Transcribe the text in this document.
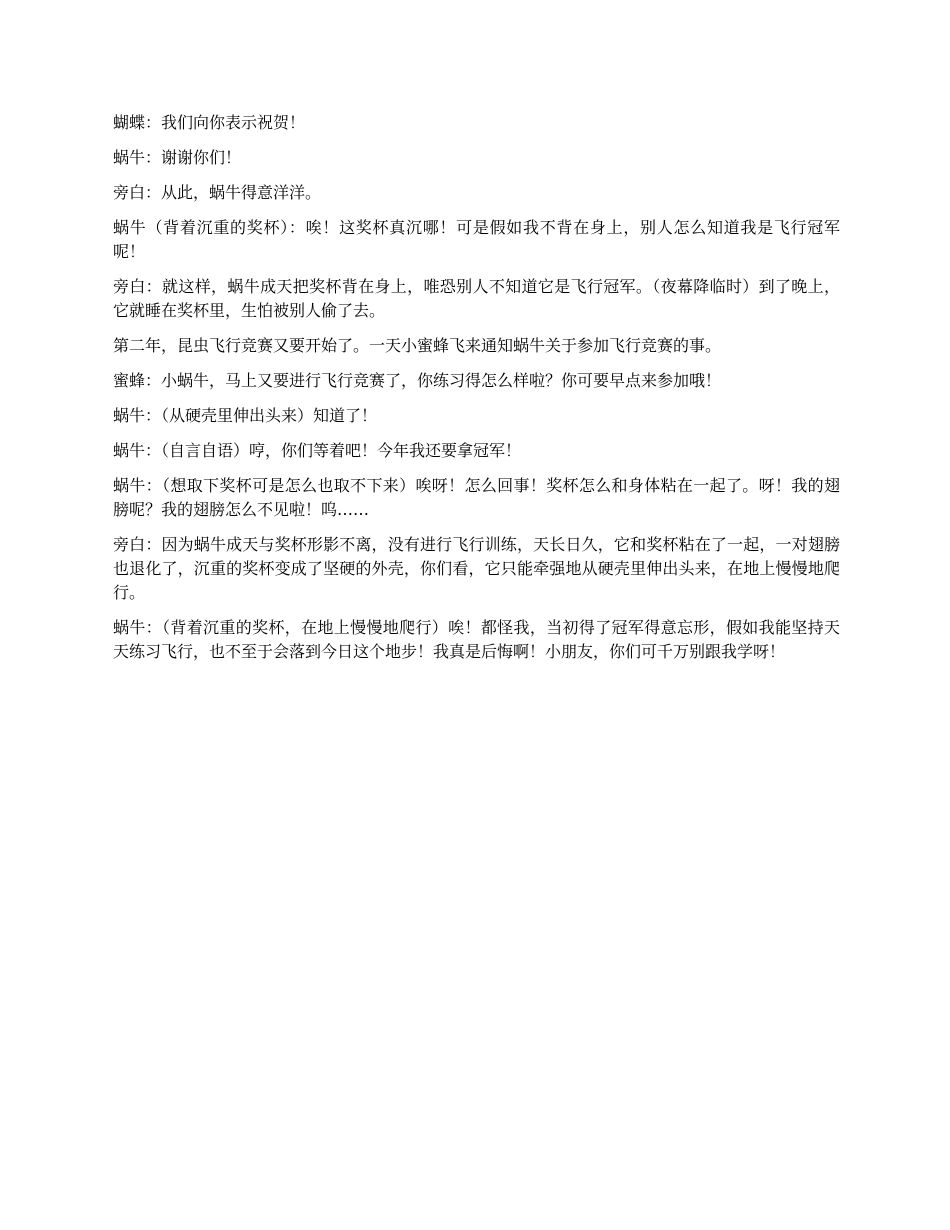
蝴蝶：我们向你表示祝贺！

蜗牛：谢谢你们！

旁白：从此，蜗牛得意洋洋。

蜗牛（背着沉重的奖杯）：唉！这奖杯真沉哪！可是假如我不背在身上，别人怎么知道我是飞行冠军呢！

旁白：就这样，蜗牛成天把奖杯背在身上，唯恐别人不知道它是飞行冠军。（夜幕降临时）到了晚上，它就睡在奖杯里，生怕被别人偷了去。

第二年，昆虫飞行竞赛又要开始了。一天小蜜蜂飞来通知蜗牛关于参加飞行竞赛的事。

蜜蜂：小蜗牛，马上又要进行飞行竞赛了，你练习得怎么样啦？你可要早点来参加哦！

蜗牛：（从硬壳里伸出头来）知道了！

蜗牛：（自言自语）哼，你们等着吧！今年我还要拿冠军！

蜗牛：（想取下奖杯可是怎么也取不下来）唉呀！怎么回事！奖杯怎么和身体粘在一起了。呀！我的翅膀呢？我的翅膀怎么不见啦！呜……

旁白：因为蜗牛成天与奖杯形影不离，没有进行飞行训练，天长日久，它和奖杯粘在了一起，一对翅膀也退化了，沉重的奖杯变成了坚硬的外壳，你们看，它只能牵强地从硬壳里伸出头来，在地上慢慢地爬行。

蜗牛：（背着沉重的奖杯，在地上慢慢地爬行）唉！都怪我，当初得了冠军得意忘形，假如我能坚持天天练习飞行，也不至于会落到今日这个地步！我真是后悔啊！小朋友，你们可千万别跟我学呀！
